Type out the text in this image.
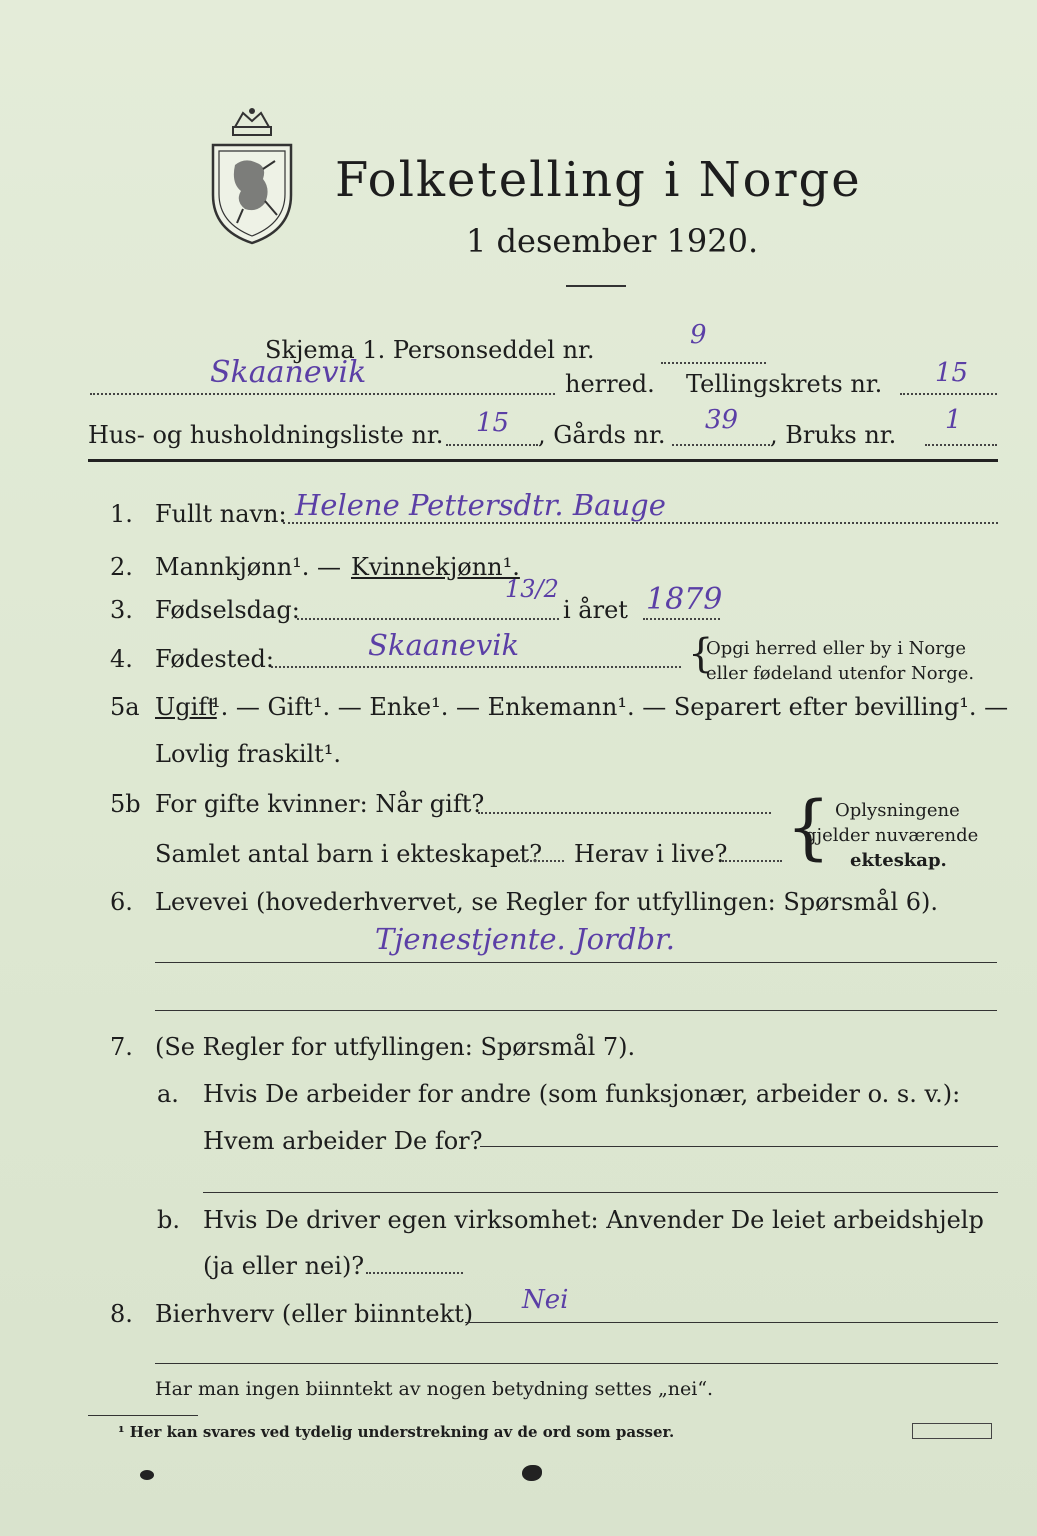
Folketelling i Norge
1 desember 1920.
Skjema 1. Personseddel nr.	9
Skaanevik	herred. Tellingskrets nr. 15
Hus- og husholdningsliste nr. 15 , Gårds nr. 39 , Bruks nr. 1
1. Fullt navn: Helene Pettersdtr. Bauge
2. Mannkjønn¹. — Kvinnekjønn¹.
3. Fødselsdag:
13/2
i året 1879
4. Fødested:	Skaanevik	{
Opgi herred eller by i Norge
eller fødeland utenfor Norge.
5a Ugift
¹. — Gift¹. — Enke¹. — Enkemann¹. — Separert efter bevilling¹. —
Lovlig fraskilt¹.
5b For gifte kvinner: Når gift?
Samlet antal barn i ekteskapet? Herav i live? { Oplysningene
gjelder nuværende
ekteskap.
6. Levevei (hovederhvervet, se Regler for utfyllingen: Spørsmål 6).
Tjenestjente. Jordbr.
7. (Se Regler for utfyllingen: Spørsmål 7).
a. Hvis De arbeider for andre (som funksjonær, arbeider o. s. v.):
Hvem arbeider De for?
b. Hvis De driver egen virksomhet: Anvender De leiet arbeidshjelp
(ja eller nei)?
8. Bierhverv (eller biinntekt) Nei
Har man ingen biinntekt av nogen betydning settes „nei“.
¹ Her kan svares ved tydelig understrekning av de ord som passer.
